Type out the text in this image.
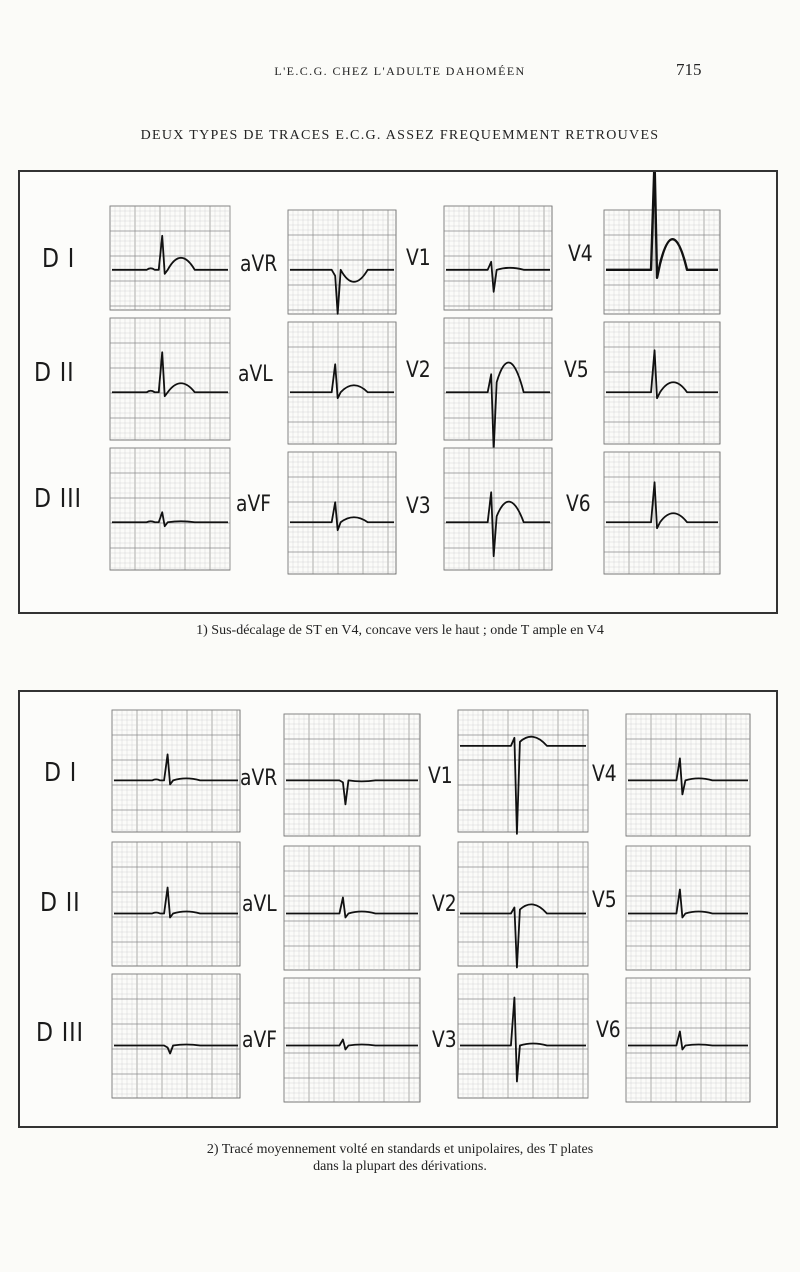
L'E.C.G. CHEZ L'ADULTE DAHOMÉEN	715
DEUX TYPES DE TRACES E.C.G. ASSEZ FREQUEMMENT RETROUVES
D I
D II
D III
aVR
aVL
aVF
V1
V2
V3
V4
V5
V6
1) Sus-décalage de ST en V4, concave vers le haut ; onde T ample en V4
D I
D II
D III
aVR
aVL
aVF
V1
V2
V3
V4
V5
V6
2) Tracé moyennement volté en standards et unipolaires, des T plates
dans la plupart des dérivations.
